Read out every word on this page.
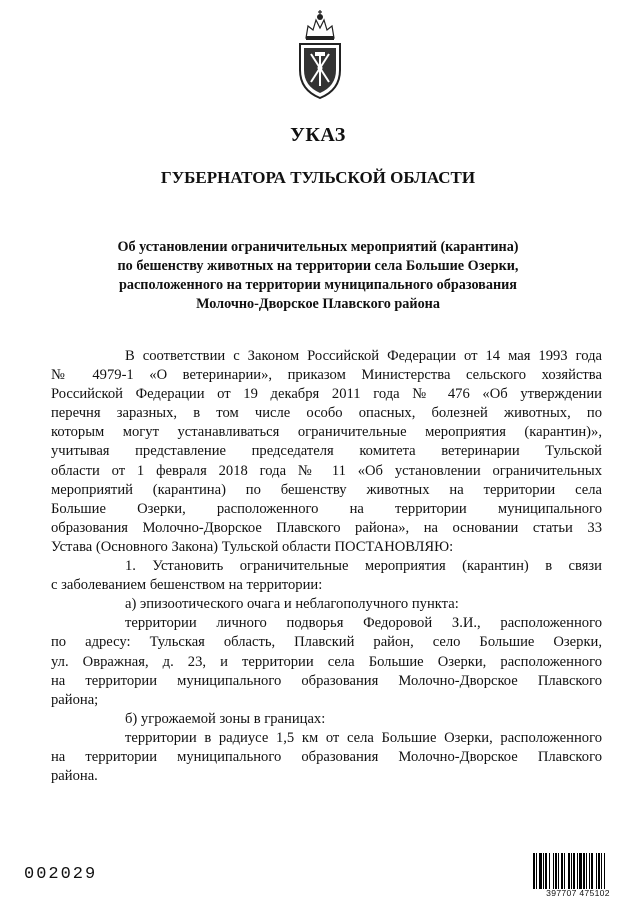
УКАЗ
ГУБЕРНАТОРА ТУЛЬСКОЙ ОБЛАСТИ
Об установлении ограничительных мероприятий (карантина)
по бешенству животных на территории села Большие Озерки,
расположенного на территории муниципального образования
Молочно-Дворское Плавского района
В соответствии с Законом Российской Федерации от 14 мая 1993 года
№ 4979-1 «О ветеринарии», приказом Министерства сельского хозяйства
Российской Федерации от 19 декабря 2011 года № 476 «Об утверждении
перечня заразных, в том числе особо опасных, болезней животных, по
которым могут устанавливаться ограничительные мероприятия (карантин)»,
учитывая представление председателя комитета ветеринарии Тульской
области от 1 февраля 2018 года № 11 «Об установлении ограничительных
мероприятий (карантина) по бешенству животных на территории села
Большие Озерки, расположенного на территории муниципального
образования Молочно-Дворское Плавского района», на основании статьи 33
Устава (Основного Закона) Тульской области ПОСТАНОВЛЯЮ:
1. Установить ограничительные мероприятия (карантин) в связи
с заболеванием бешенством на территории:
а) эпизоотического очага и неблагополучного пункта:
территории личного подворья Федоровой З.И., расположенного
по адресу: Тульская область, Плавский район, село Большие Озерки,
ул. Овражная, д. 23, и территории села Большие Озерки, расположенного
на территории муниципального образования Молочно-Дворское Плавского
района;
б) угрожаемой зоны в границах:
территории в радиусе 1,5 км от села Большие Озерки, расположенного
на территории муниципального образования Молочно-Дворское Плавского
района.
002029
397707 475102
